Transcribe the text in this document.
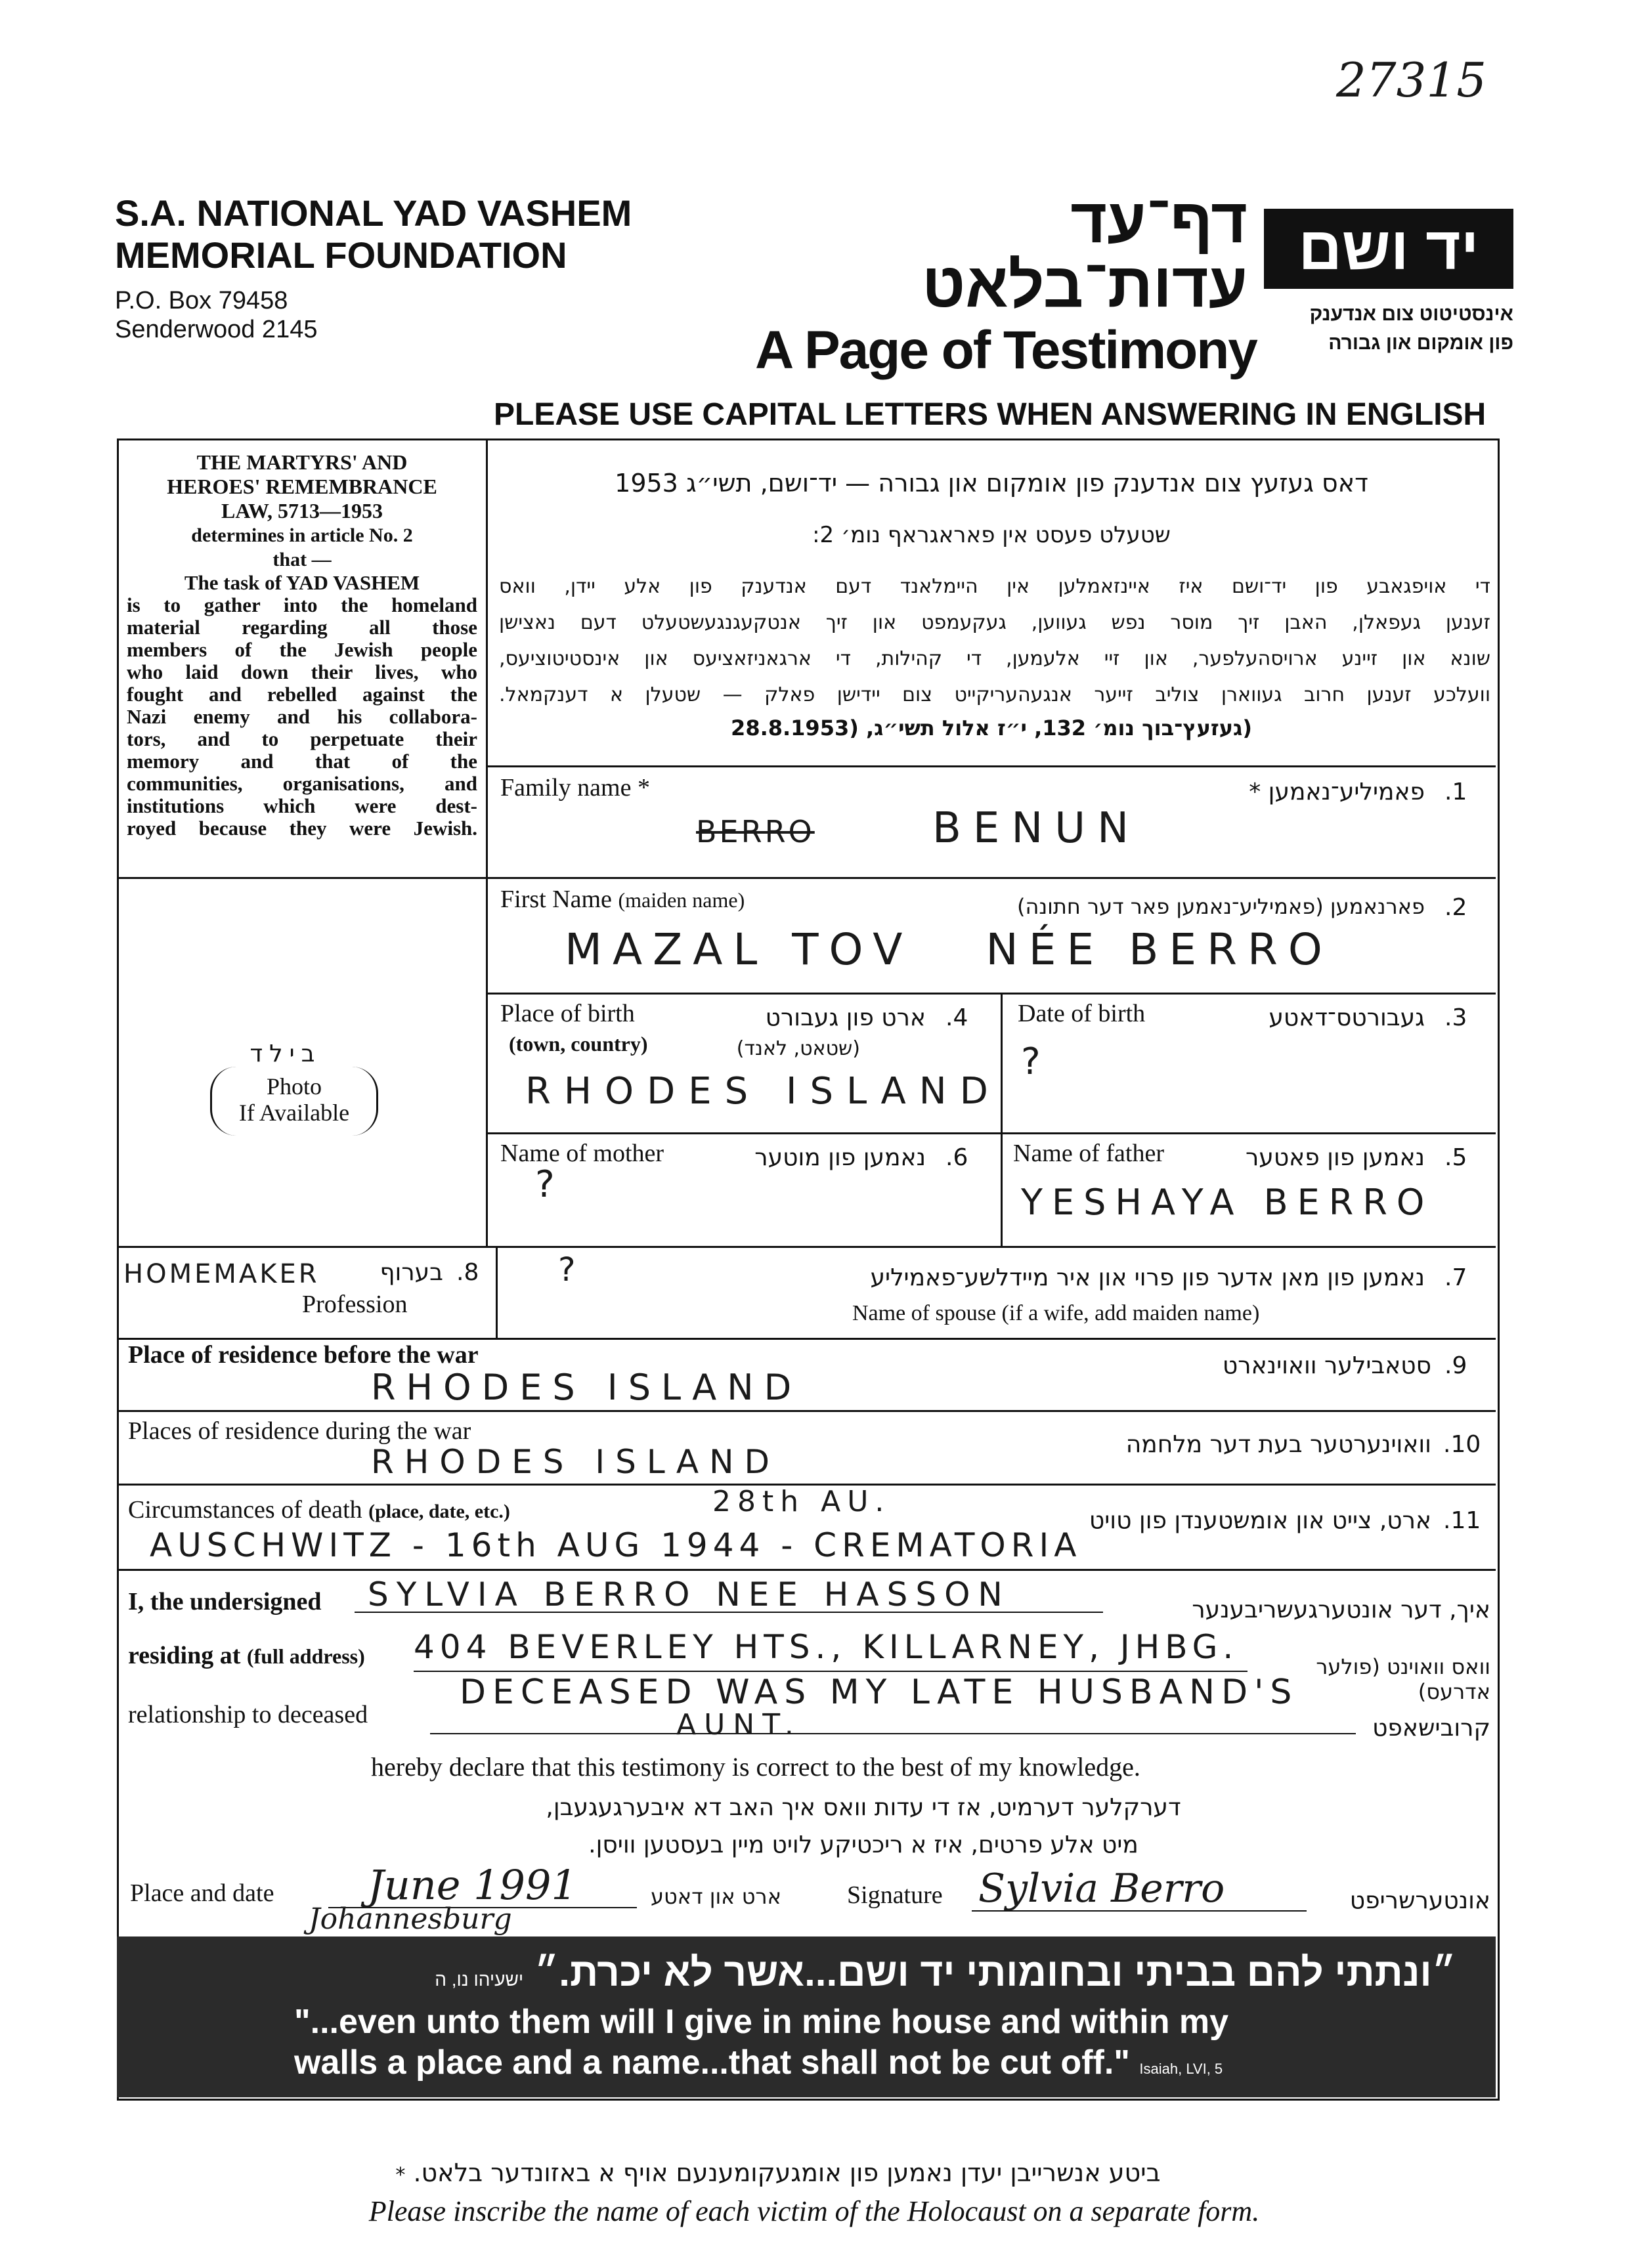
27315
S.A. NATIONAL YAD VASHEM
MEMORIAL FOUNDATION
P.O. Box 79458
Senderwood 2145
דף־עד
עדות־בלאט
A Page of Testimony
יד ושם
אינסטיטוט צום אנדענק
פון אומקום און גבורה
PLEASE USE CAPITAL LETTERS WHEN ANSWERING IN ENGLISH
THE MARTYRS' AND
HEROES' REMEMBRANCE
LAW, 5713—1953
determines in article No. 2
that —
The task of YAD VASHEM
is to gather into the homeland
material regarding all those
members of the Jewish people
who laid down their lives, who
fought and rebelled against the
Nazi enemy and his collabora-
tors, and to perpetuate their
memory and that of the
communities, organisations, and
institutions which were dest-
royed because they were Jewish.
דאס געזעץ צום אנדענק פון אומקום און גבורה — יד־ושם, תשי״ג 1953
שטעלט פעסט אין פאראגראף נומ׳ 2:
די אויפגאבע פון יד־ושם איז איינזאמלען אין היימלאנד דעם אנדענק פון אלע יידן, וואס
זענען געפאלן, האבן זיך מוסר נפש געווען, געקעמפט און זיך אנטקעגנגעשטעלט דעם נאצישן
שונא און זיינע ארויסהעלפער, און זיי אלעמען, די קהילות, די ארגאניזאציעס און אינסטיטוציעס,
וועלכע זענען חרוב געווארן צוליב זייער אנגעהעריקייט צום יידישן פאלק — שטעלן א דענקמאל.
(געזעץ־בוך נומ׳ 132, י״ז אלול תשי״ג, (28.8.1953
בילד
Photo
If Available
Family name *	פאמיליע־נאמען * .1
BERRO	BENUN
First Name (maiden name)	פארנאמען (פאמיליע־נאמען פאר דער חתונה) .2
MAZAL TOV   NÉE BERRO
Place of birth
(town, country)
ארט פון געבורט
(שטאט, לאנד)
.4
RHODES ISLAND
Date of birth	געבורטס־דאטע .3
?
Name of mother	נאמען פון מוטער .6
?
Name of father	נאמען פון פאטער .5
YESHAYA BERRO
HOMEMAKER	בערוף .8
Profession
?	נאמען פון מאן אדער פון פרוי און איר מיידלשע־פאמיליע .7
Name of spouse (if a wife, add maiden name)
Place of residence before the war	סטאבילער וואוינארט .9
RHODES ISLAND
Places of residence during the war	וואוינערטער בעת דער מלחמה .10
RHODES ISLAND
Circumstances of death (place, date, etc.)	28th AU.
ארט, צייט און אומשטענדן פון טויט .11
AUSCHWITZ - 16th AUG 1944 - CREMATORIA
I, the undersigned SYLVIA BERRO NEE HASSON	איך, דער אונטערגעשריבענער
residing at (full address) 404 BEVERLEY HTS., KILLARNEY, JHBG.
וואס וואוינט (פולער אדרעס)
relationship to deceased
DECEASED WAS MY LATE HUSBAND'S
AUNT.	קרובישאפט
hereby declare that this testimony is correct to the best of my knowledge.
דערקלער דערמיט, אז די עדות וואס איך האב דא איבערגעגעבן,
מיט אלע פרטים, איז א ריכטיקע לויט מיין בעסטען וויסן.
Place and date June 1991
Johannesburg
ארט און דאטע	Signature Sylvia Berro	אונטערשריפט
״ונתתי להם בביתי ובחומותי יד ושם...אשר לא יכרת.״ ישעיהו נו, ה
"...even unto them will I give in mine house and within my
walls a place and a name...that shall not be cut off." Isaiah, LVI, 5
ביטע אנשרייבן יעדן נאמען פון אומגעקומענעם אויף א באזונדער בלאט. *
Please inscribe the name of each victim of the Holocaust on a separate form.
